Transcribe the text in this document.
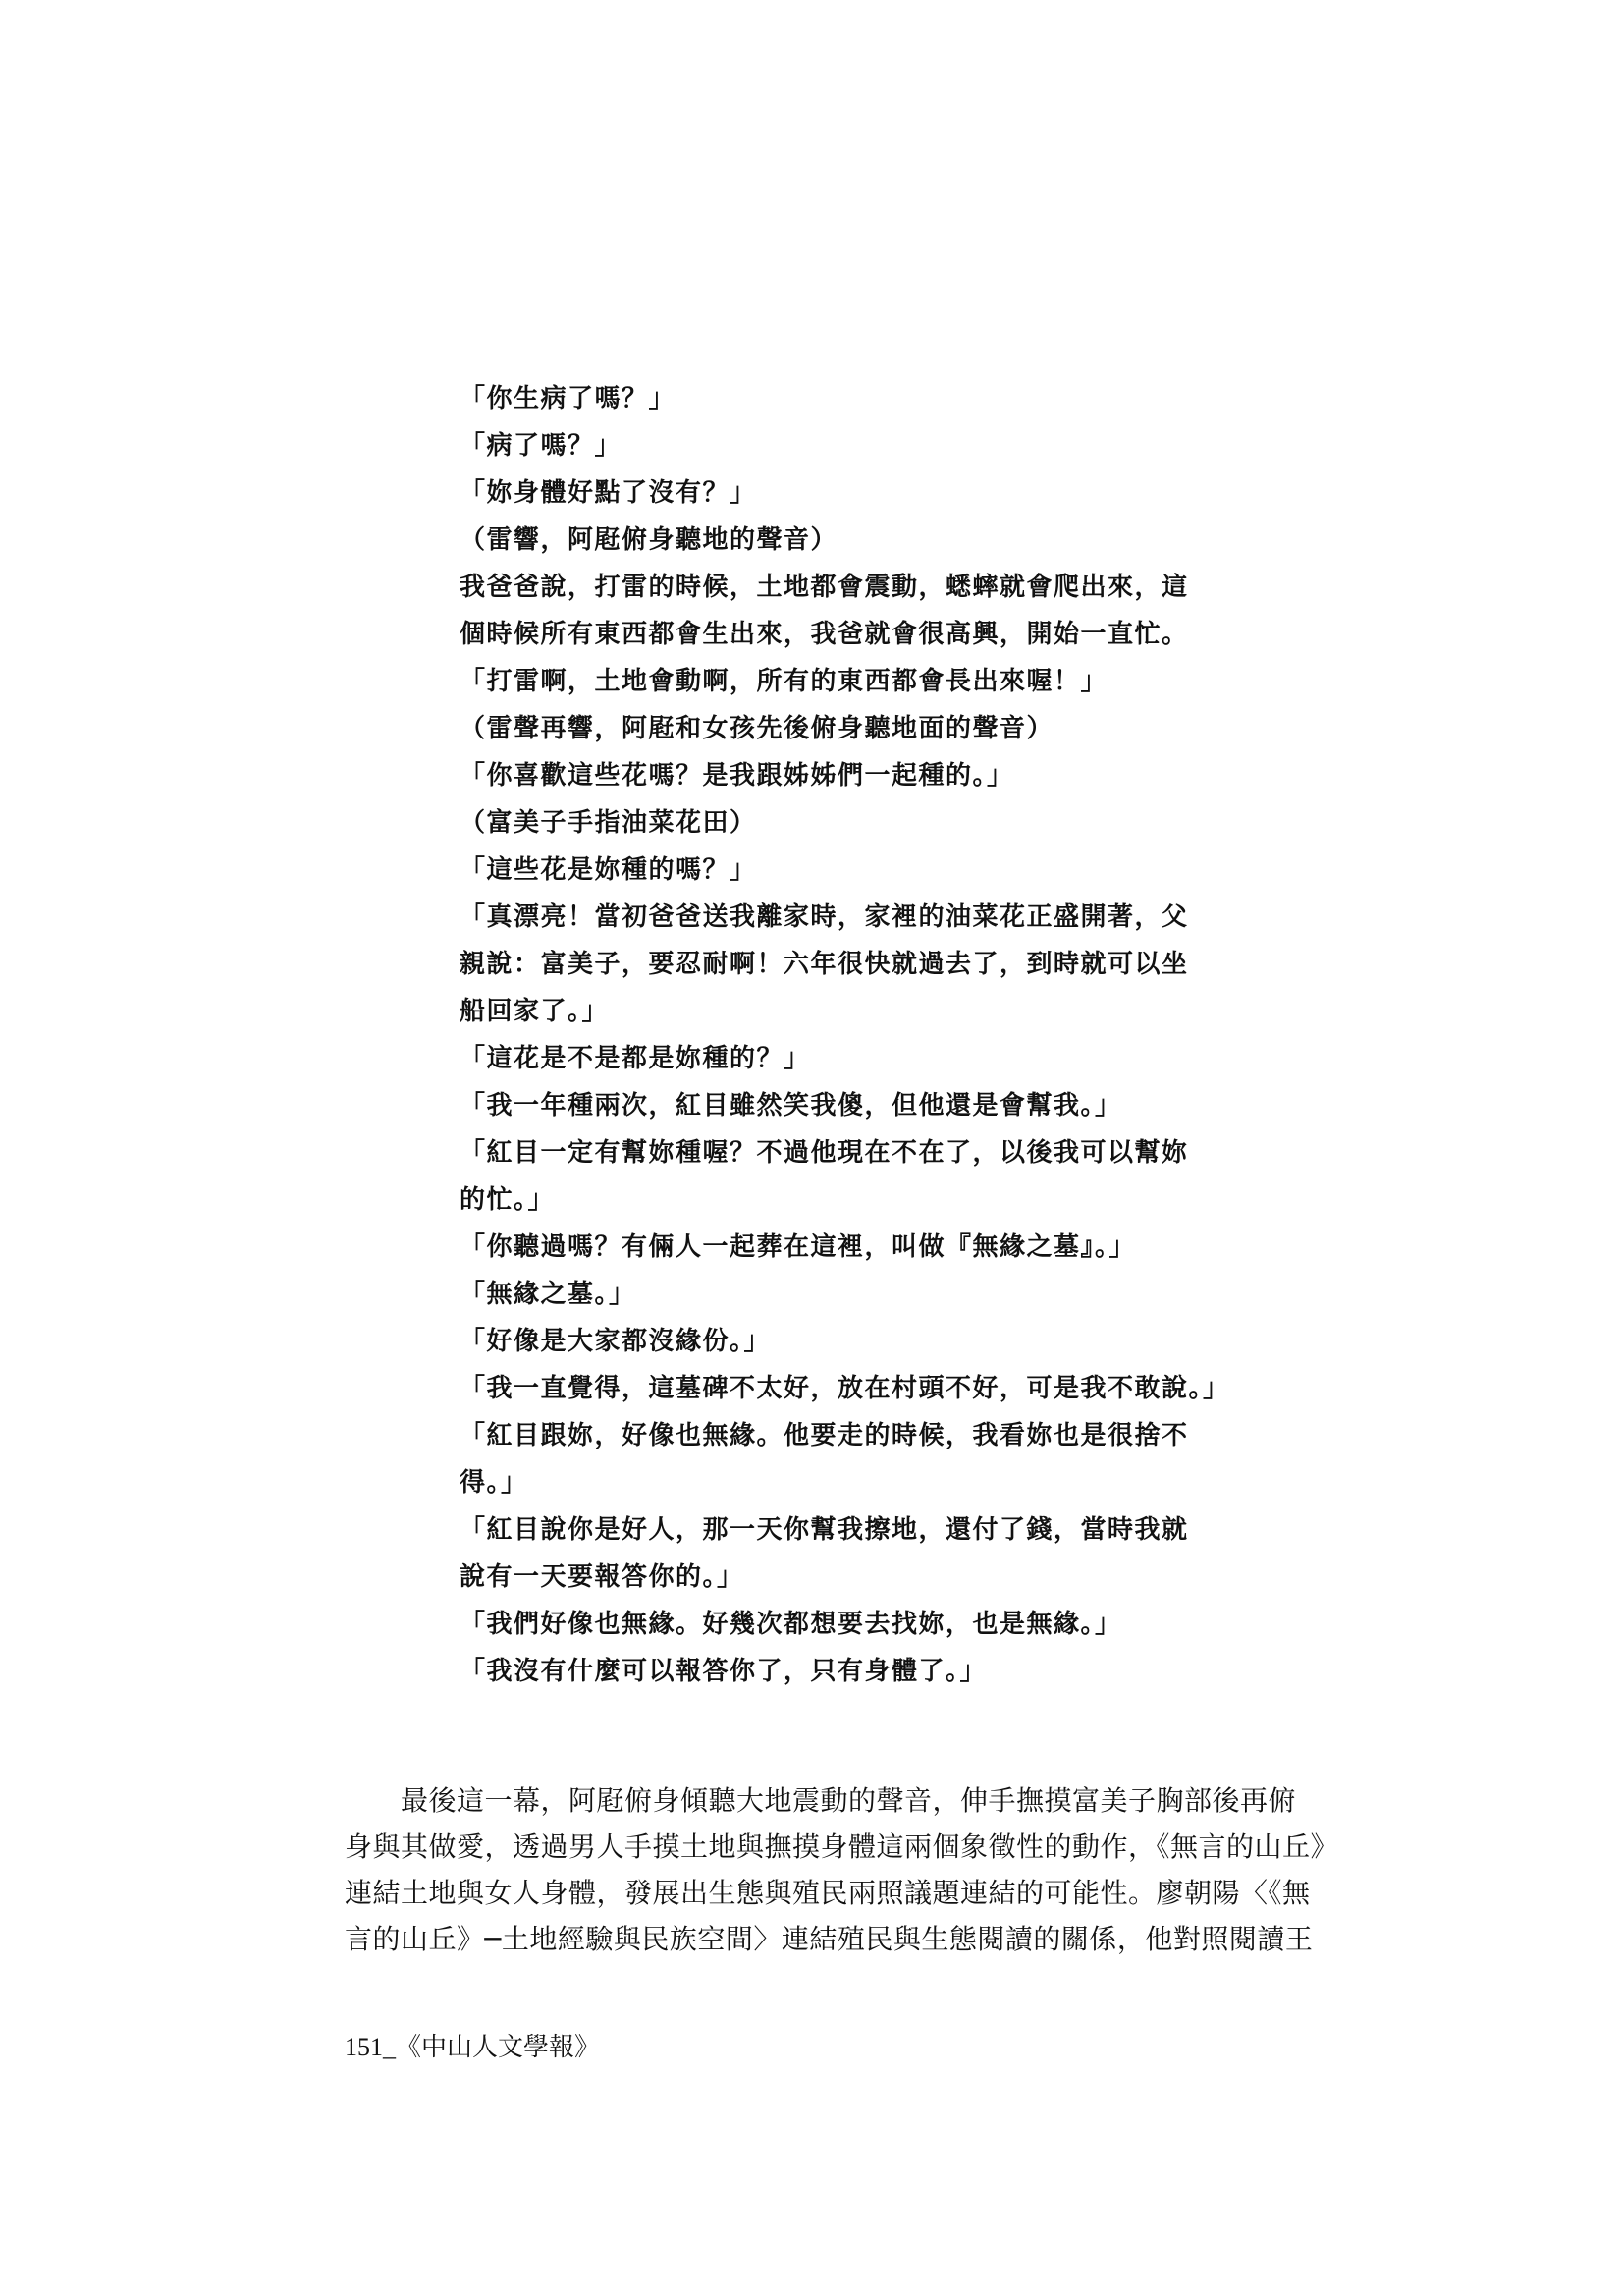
「你生病了嗎？」
「病了嗎？」
「妳身體好點了沒有？」
（雷響，阿屘俯身聽地的聲音）
我爸爸說，打雷的時候，土地都會震動，蟋蟀就會爬出來，這
個時候所有東西都會生出來，我爸就會很高興，開始一直忙。
「打雷啊，土地會動啊，所有的東西都會長出來喔！」
（雷聲再響，阿屘和女孩先後俯身聽地面的聲音）
「你喜歡這些花嗎？是我跟姊姊們一起種的。」
（富美子手指油菜花田）
「這些花是妳種的嗎？」
「真漂亮！當初爸爸送我離家時，家裡的油菜花正盛開著，父
親說：富美子，要忍耐啊！六年很快就過去了，到時就可以坐
船回家了。」
「這花是不是都是妳種的？」
「我一年種兩次，紅目雖然笑我傻，但他還是會幫我。」
「紅目一定有幫妳種喔？不過他現在不在了，以後我可以幫妳
的忙。」
「你聽過嗎？有倆人一起葬在這裡，叫做『無緣之墓』。」
「無緣之墓。」
「好像是大家都沒緣份。」
「我一直覺得，這墓碑不太好，放在村頭不好，可是我不敢說。」
「紅目跟妳，好像也無緣。他要走的時候，我看妳也是很捨不
得。」
「紅目說你是好人，那一天你幫我擦地，還付了錢，當時我就
說有一天要報答你的。」
「我們好像也無緣。好幾次都想要去找妳，也是無緣。」
「我沒有什麼可以報答你了，只有身體了。」
　　最後這一幕，阿屘俯身傾聽大地震動的聲音，伸手撫摸富美子胸部後再俯
身與其做愛，透過男人手摸土地與撫摸身體這兩個象徵性的動作，《無言的山丘》
連結土地與女人身體，發展出生態與殖民兩照議題連結的可能性。廖朝陽〈《無
言的山丘》─土地經驗與民族空間〉連結殖民與生態閱讀的關係，他對照閱讀王
151_《中山人文學報》
